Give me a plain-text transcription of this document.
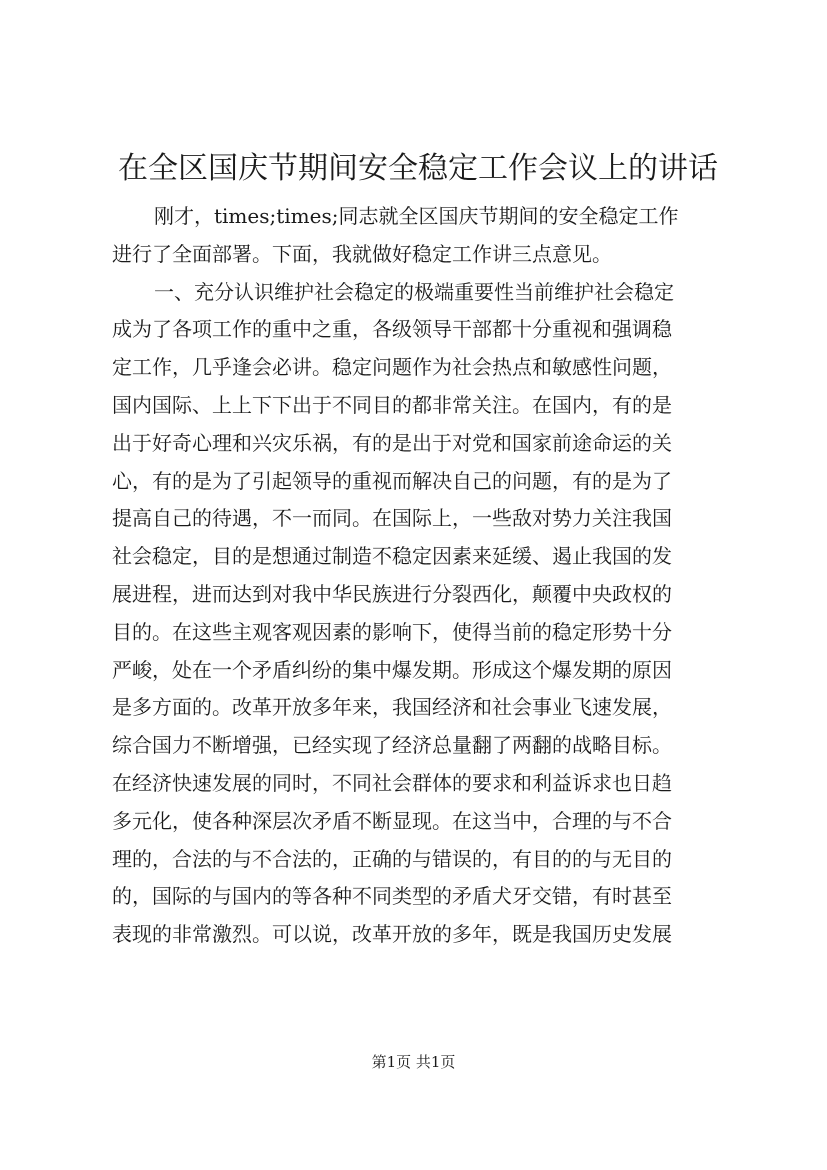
在全区国庆节期间安全稳定工作会议上的讲话
刚才，times;times;同志就全区国庆节期间的安全稳定工作
进行了全面部署。下面，我就做好稳定工作讲三点意见。
一、充分认识维护社会稳定的极端重要性当前维护社会稳定
成为了各项工作的重中之重，各级领导干部都十分重视和强调稳
定工作，几乎逢会必讲。稳定问题作为社会热点和敏感性问题，
国内国际、上上下下出于不同目的都非常关注。在国内，有的是
出于好奇心理和兴灾乐祸，有的是出于对党和国家前途命运的关
心，有的是为了引起领导的重视而解决自己的问题，有的是为了
提高自己的待遇，不一而同。在国际上，一些敌对势力关注我国
社会稳定，目的是想通过制造不稳定因素来延缓、遏止我国的发
展进程，进而达到对我中华民族进行分裂西化，颠覆中央政权的
目的。在这些主观客观因素的影响下，使得当前的稳定形势十分
严峻，处在一个矛盾纠纷的集中爆发期。形成这个爆发期的原因
是多方面的。改革开放多年来，我国经济和社会事业飞速发展，
综合国力不断增强，已经实现了经济总量翻了两翻的战略目标。
在经济快速发展的同时，不同社会群体的要求和利益诉求也日趋
多元化，使各种深层次矛盾不断显现。在这当中，合理的与不合
理的，合法的与不合法的，正确的与错误的，有目的的与无目的
的，国际的与国内的等各种不同类型的矛盾犬牙交错，有时甚至
表现的非常激烈。可以说，改革开放的多年，既是我国历史发展
第1页 共1页
